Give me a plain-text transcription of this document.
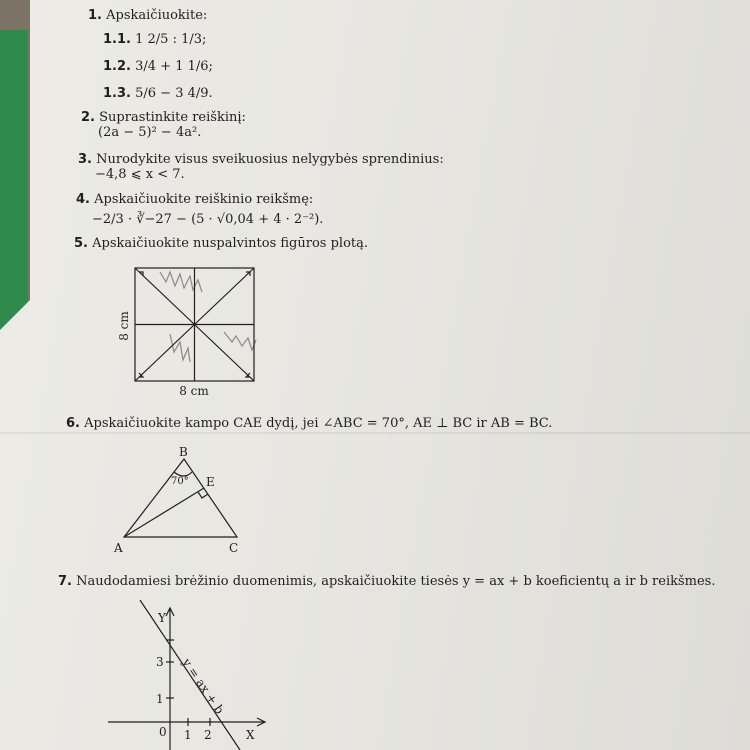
1. Apskaičiuokite:
1.1. 1 2/5 : 1/3;
1.2. 3/4 + 1 1/6;
1.3. 5/6 − 3 4/9.
2. Suprastinkite reiškinį:
(2a − 5)² − 4a².
3. Nurodykite visus sveikuosius nelygybės sprendinius:
−4,8 ⩽ x < 7.
4. Apskaičiuokite reiškinio reikšmę:
−2/3 · ∛−27 − (5 · √0,04 + 4 · 2⁻²).
5. Apskaičiuokite nuspalvintos figūros plotą.
8 cm
8 cm
6. Apskaičiuokite kampo CAE dydį, jei ∠ABC = 70°, AE ⊥ BC ir AB = BC.
B
A	C
E
70°
7. Naudodamiesi brėžinio duomenimis, apskaičiuokite tiesės y = ax + b koeficientų a ir b reikšmes.
Y
X
0 1 2
1
3 y = ax + b
